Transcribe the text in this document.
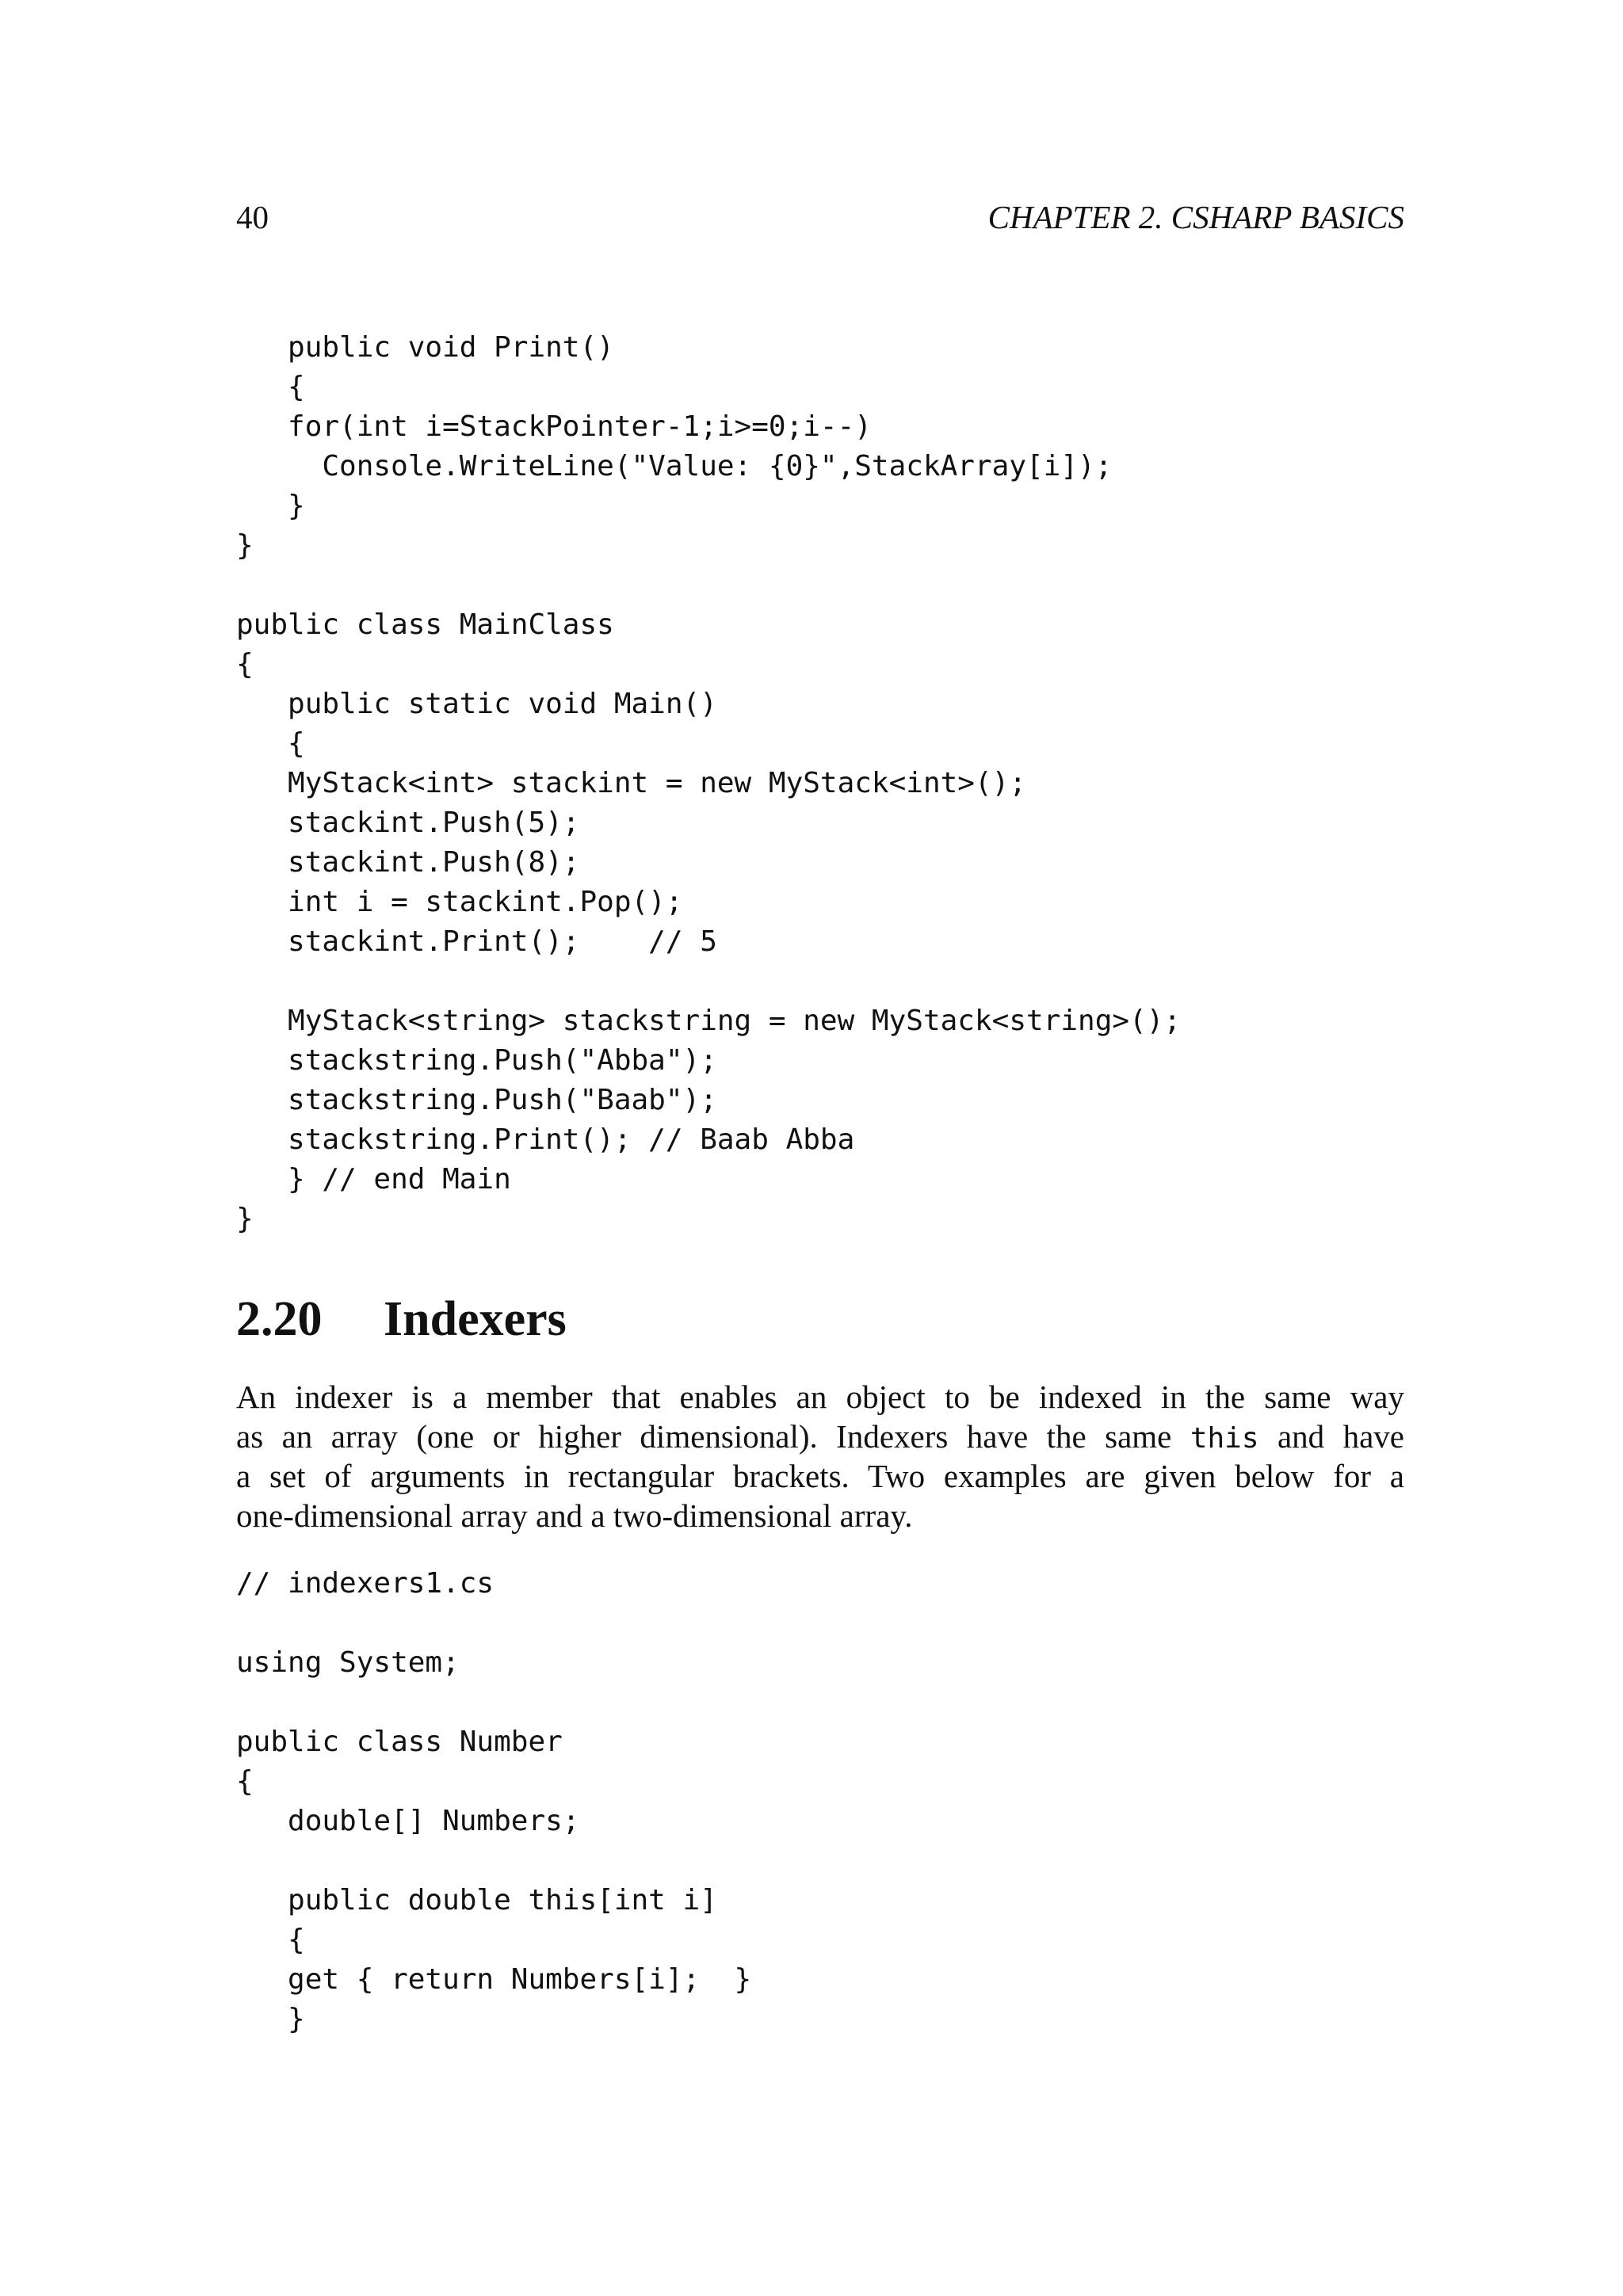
40	CHAPTER 2. CSHARP BASICS
public void Print()
{
for(int i=StackPointer-1;i>=0;i--)
Console.WriteLine("Value: {0}",StackArray[i]);
}
}
public class MainClass
{
public static void Main()
{
MyStack<int> stackint = new MyStack<int>();
stackint.Push(5);
stackint.Push(8);
int i = stackint.Pop();
stackint.Print();    // 5
MyStack<string> stackstring = new MyStack<string>();
stackstring.Push("Abba");
stackstring.Push("Baab");
stackstring.Print(); // Baab Abba
} // end Main
}
2.20 Indexers
An indexer is a member that enables an object to be indexed in the same way
as an array (one or higher dimensional). Indexers have the same this and have
a set of arguments in rectangular brackets. Two examples are given below for a
one-dimensional array and a two-dimensional array.
// indexers1.cs
using System;
public class Number
{
double[] Numbers;
public double this[int i]
{
get { return Numbers[i];  }
}
